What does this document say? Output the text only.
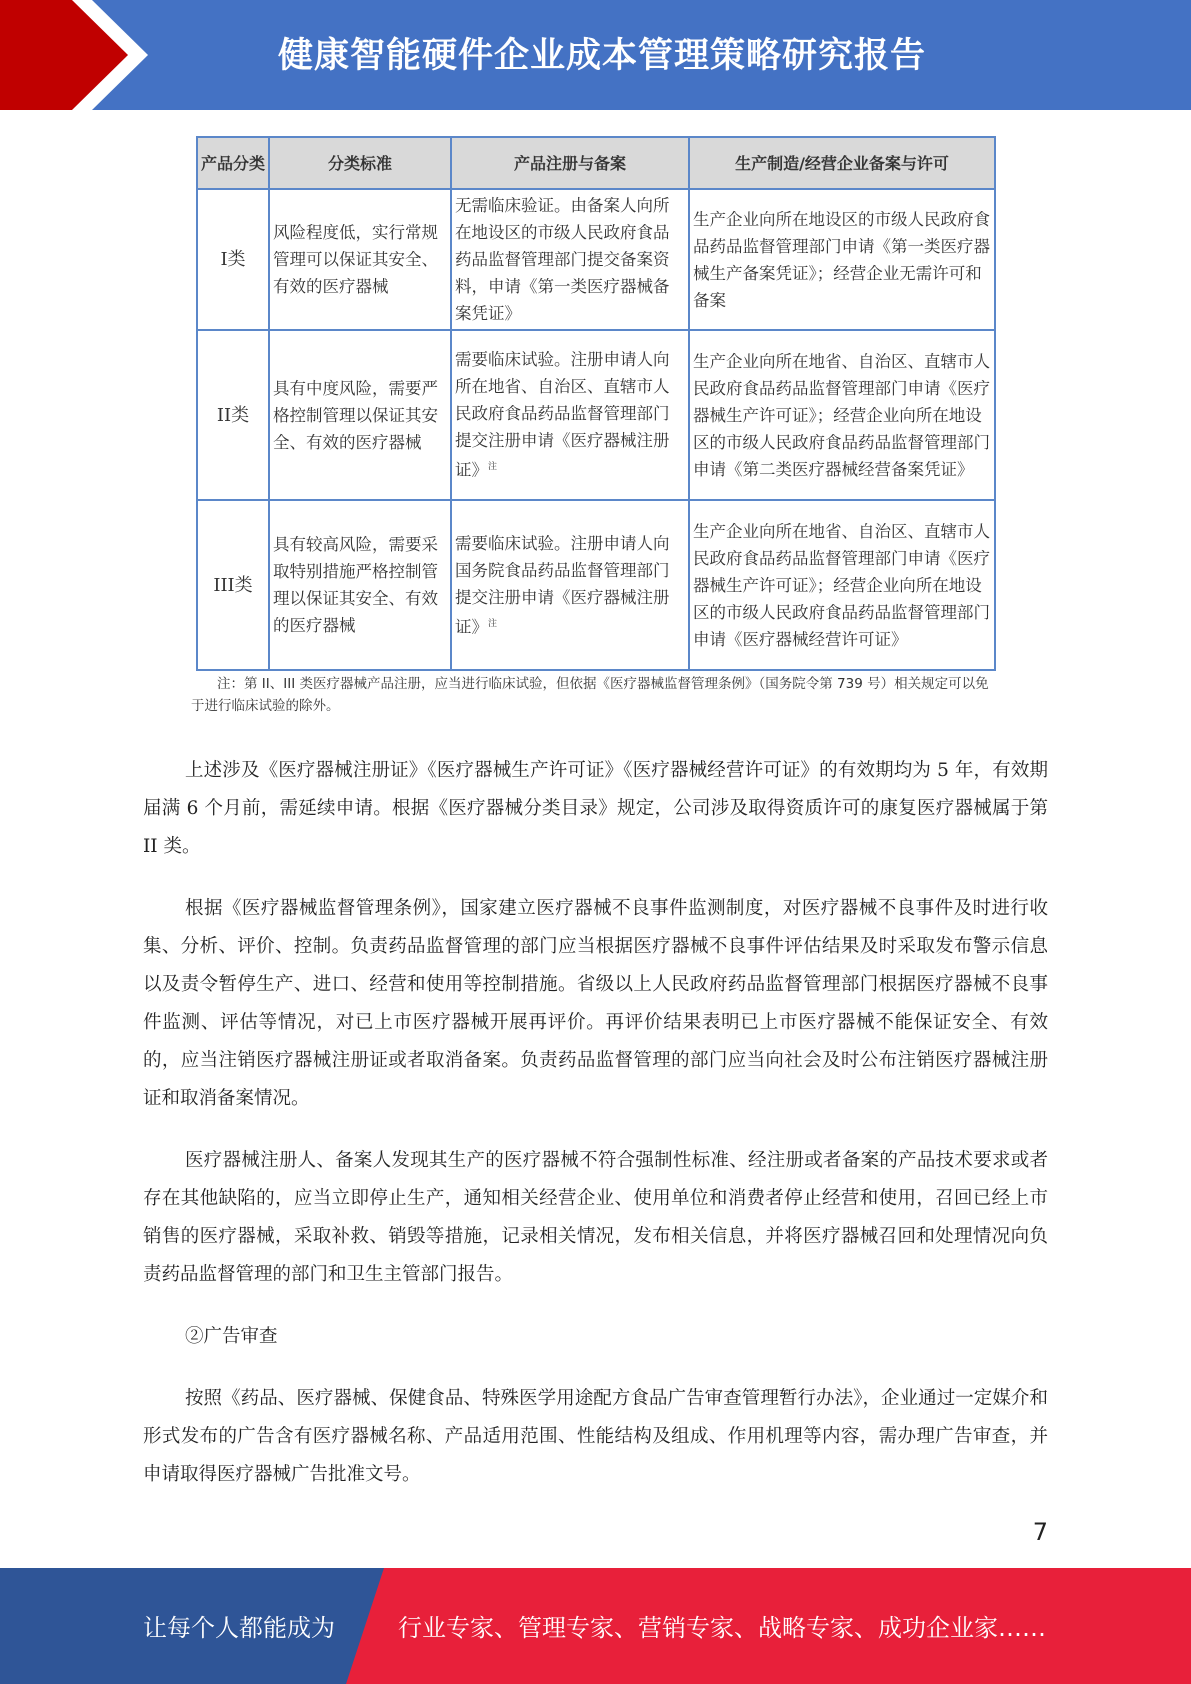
健康智能硬件企业成本管理策略研究报告
产品分类	分类标准	产品注册与备案	生产制造/经营企业备案与许可
I类	风险程度低，实行常规管理可以保证其安全、有效的医疗器械	无需临床验证。由备案人向所在地设区的市级人民政府食品药品监督管理部门提交备案资料，申请《第一类医疗器械备案凭证》	生产企业向所在地设区的市级人民政府食品药品监督管理部门申请《第一类医疗器械生产备案凭证》；经营企业无需许可和备案
II类	具有中度风险，需要严格控制管理以保证其安全、有效的医疗器械	需要临床试验。注册申请人向所在地省、自治区、直辖市人民政府食品药品监督管理部门提交注册申请《医疗器械注册证》$^注$	生产企业向所在地省、自治区、直辖市人民政府食品药品监督管理部门申请《医疗器械生产许可证》；经营企业向所在地设区的市级人民政府食品药品监督管理部门申请《第二类医疗器械经营备案凭证》
III类	具有较高风险，需要采取特别措施严格控制管理以保证其安全、有效的医疗器械	需要临床试验。注册申请人向国务院食品药品监督管理部门提交注册申请《医疗器械注册证》$^注$	生产企业向所在地省、自治区、直辖市人民政府食品药品监督管理部门申请《医疗器械生产许可证》；经营企业向所在地设区的市级人民政府食品药品监督管理部门申请《医疗器械经营许可证》
注：第 II、III 类医疗器械产品注册，应当进行临床试验，但依据《医疗器械监督管理条例》（国务院令第 739 号）相关规定可以免于进行临床试验的除外。

上述涉及《医疗器械注册证》《医疗器械生产许可证》《医疗器械经营许可证》的有效期均为 5 年，有效期届满 6 个月前，需延续申请。根据《医疗器械分类目录》规定，公司涉及取得资质许可的康复医疗器械属于第 II 类。

根据《医疗器械监督管理条例》，国家建立医疗器械不良事件监测制度，对医疗器械不良事件及时进行收集、分析、评价、控制。负责药品监督管理的部门应当根据医疗器械不良事件评估结果及时采取发布警示信息以及责令暂停生产、进口、经营和使用等控制措施。省级以上人民政府药品监督管理部门根据医疗器械不良事件监测、评估等情况，对已上市医疗器械开展再评价。再评价结果表明已上市医疗器械不能保证安全、有效的，应当注销医疗器械注册证或者取消备案。负责药品监督管理的部门应当向社会及时公布注销医疗器械注册证和取消备案情况。

医疗器械注册人、备案人发现其生产的医疗器械不符合强制性标准、经注册或者备案的产品技术要求或者存在其他缺陷的，应当立即停止生产，通知相关经营企业、使用单位和消费者停止经营和使用，召回已经上市销售的医疗器械，采取补救、销毁等措施，记录相关情况，发布相关信息，并将医疗器械召回和处理情况向负责药品监督管理的部门和卫生主管部门报告。

②广告审查

按照《药品、医疗器械、保健食品、特殊医学用途配方食品广告审查管理暂行办法》，企业通过一定媒介和形式发布的广告含有医疗器械名称、产品适用范围、性能结构及组成、作用机理等内容，需办理广告审查，并申请取得医疗器械广告批准文号。

7
让每个人都能成为	行业专家、管理专家、营销专家、战略专家、成功企业家……
